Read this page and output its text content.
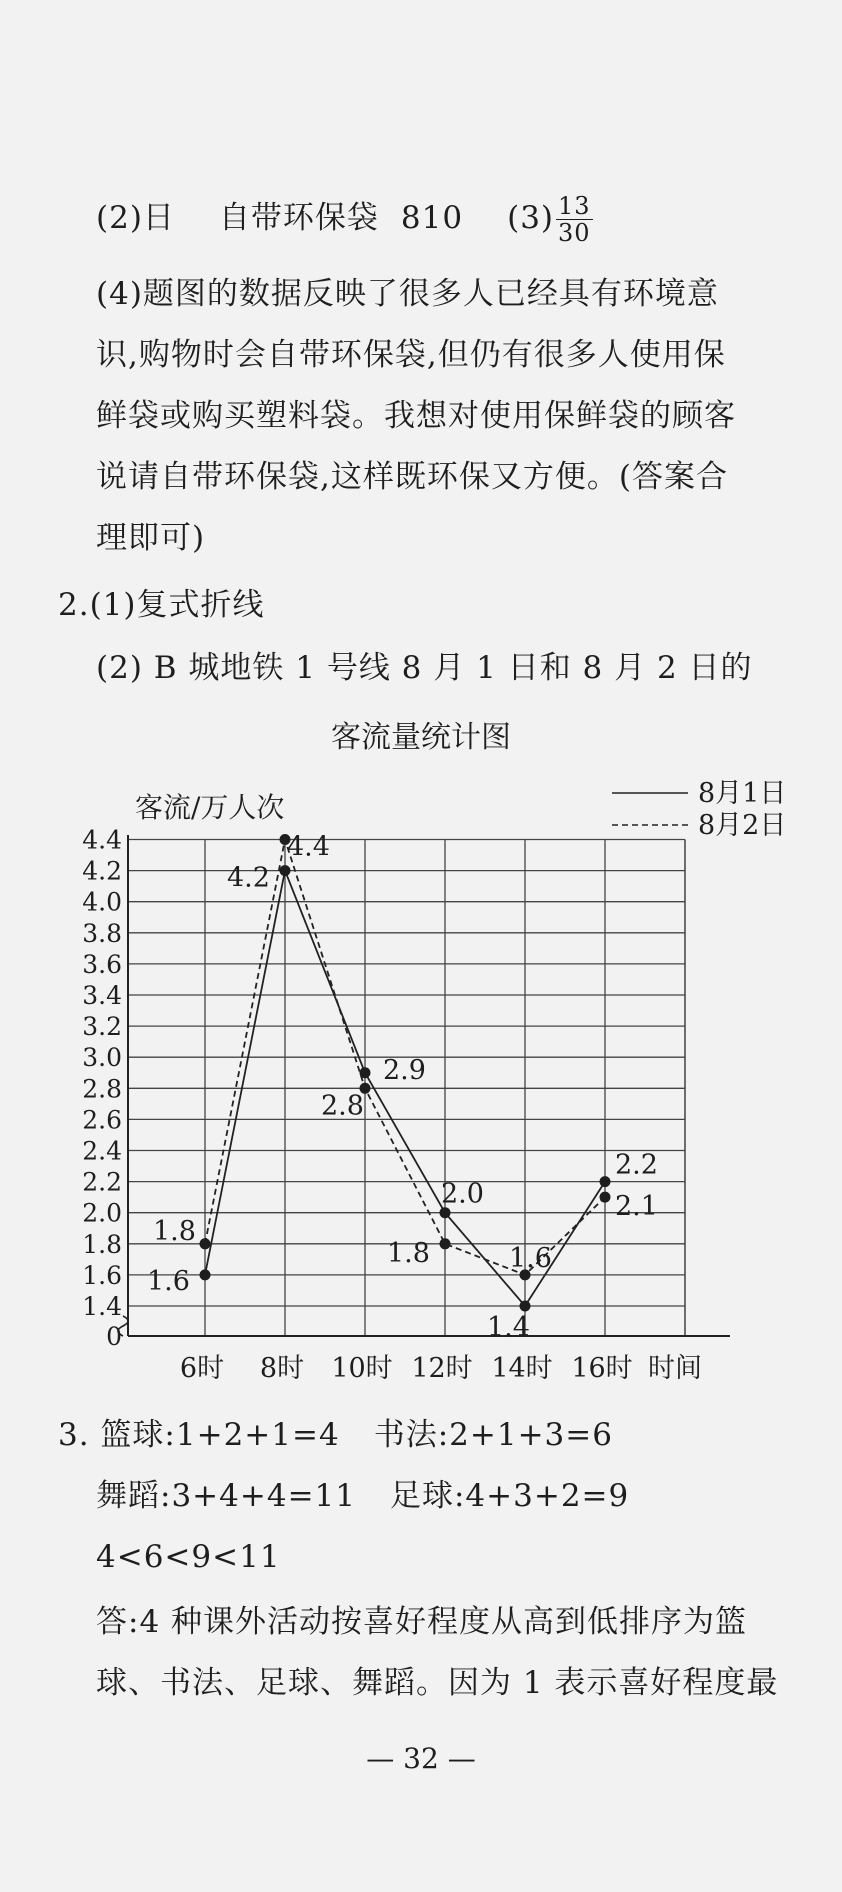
(2)日 自带环保袋 810 $(3) \frac{13}{30}$
(4)题图的数据反映了很多人已经具有环境意
识,购物时会自带环保袋,但仍有很多人使用保
鲜袋或购买塑料袋。我想对使用保鲜袋的顾客
说请自带环保袋,这样既环保又方便。(答案合
理即可)
2.(1)复式折线
(2) B 城地铁 1 号线 8 月 1 日和 8 月 2 日的
客流量统计图
0
1.4
1.6
1.8
2.0
2.2
2.4
2.6
2.8
3.0
3.2
3.4
3.6
3.8
4.0
4.2
4.4
6时 8时 10时 12时 14时 16时
1.6
4.2
2.9
2.0
1.4
2.2
1.8
4.4
2.8
1.8	1.6
2.1
8月1日
8月2日
客流/万人次
时间
3. 篮球:1+2+1=4 书法:2+1+3=6
舞蹈:3+4+4=11 足球:4+3+2=9
4<6<9<11
答:4 种课外活动按喜好程度从高到低排序为篮
球、书法、足球、舞蹈。因为 1 表示喜好程度最
— 32 —
